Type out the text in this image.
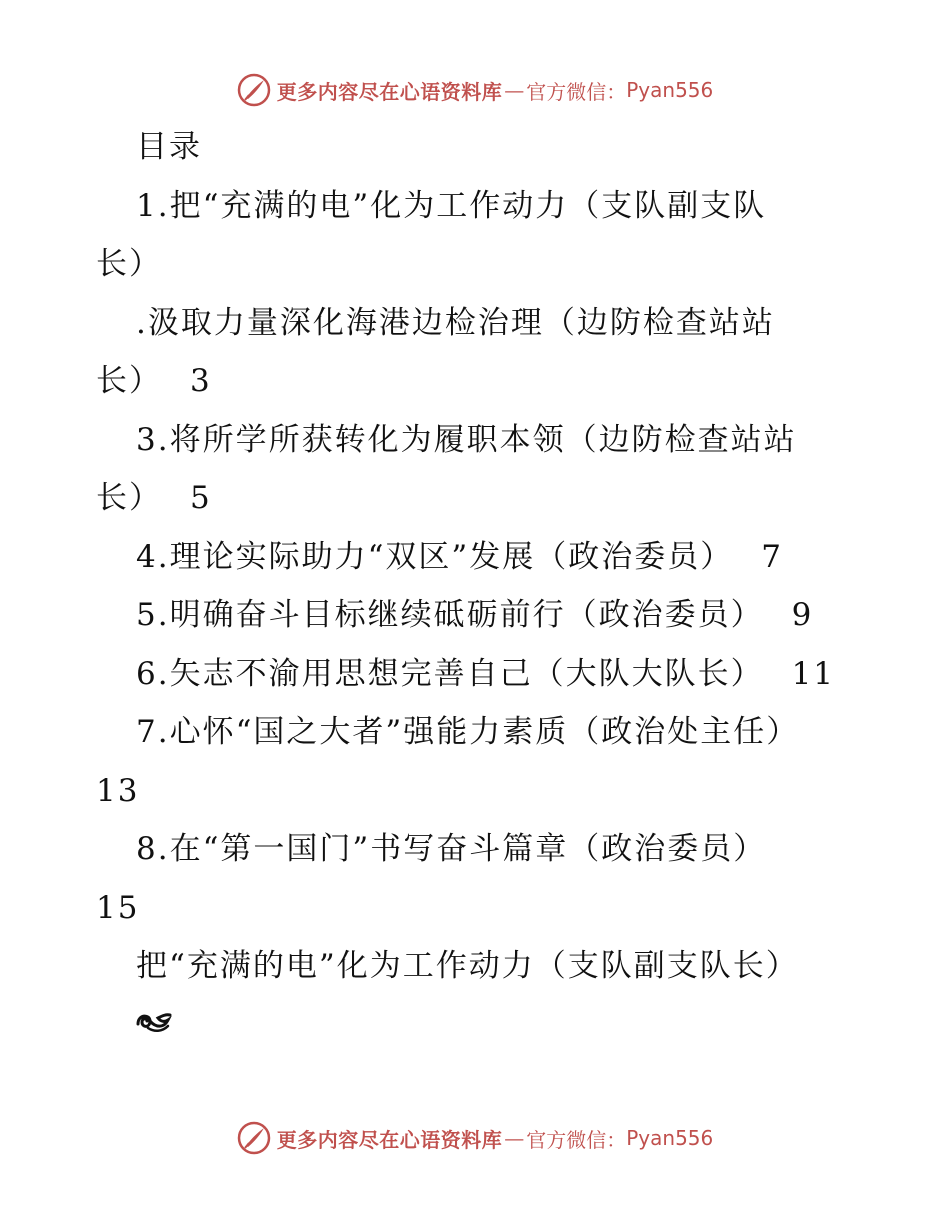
更多内容尽在心语资料库 — 官方微信： Pyan556
目录
1.把“充满的电”化为工作动力（支队副支队
长）
.汲取力量深化海港边检治理（边防检查站站
长） 3
3.将所学所获转化为履职本领（边防检查站站
长） 5
4.理论实际助力“双区”发展（政治委员） 7
5.明确奋斗目标继续砥砺前行（政治委员） 9
6.矢志不渝用思想完善自己（大队大队长） 11
7.心怀“国之大者”强能力素质（政治处主任）
13
8.在“第一国门”书写奋斗篇章（政治委员）
15
把“充满的电”化为工作动力（支队副支队长）
更多内容尽在心语资料库 — 官方微信： Pyan556
